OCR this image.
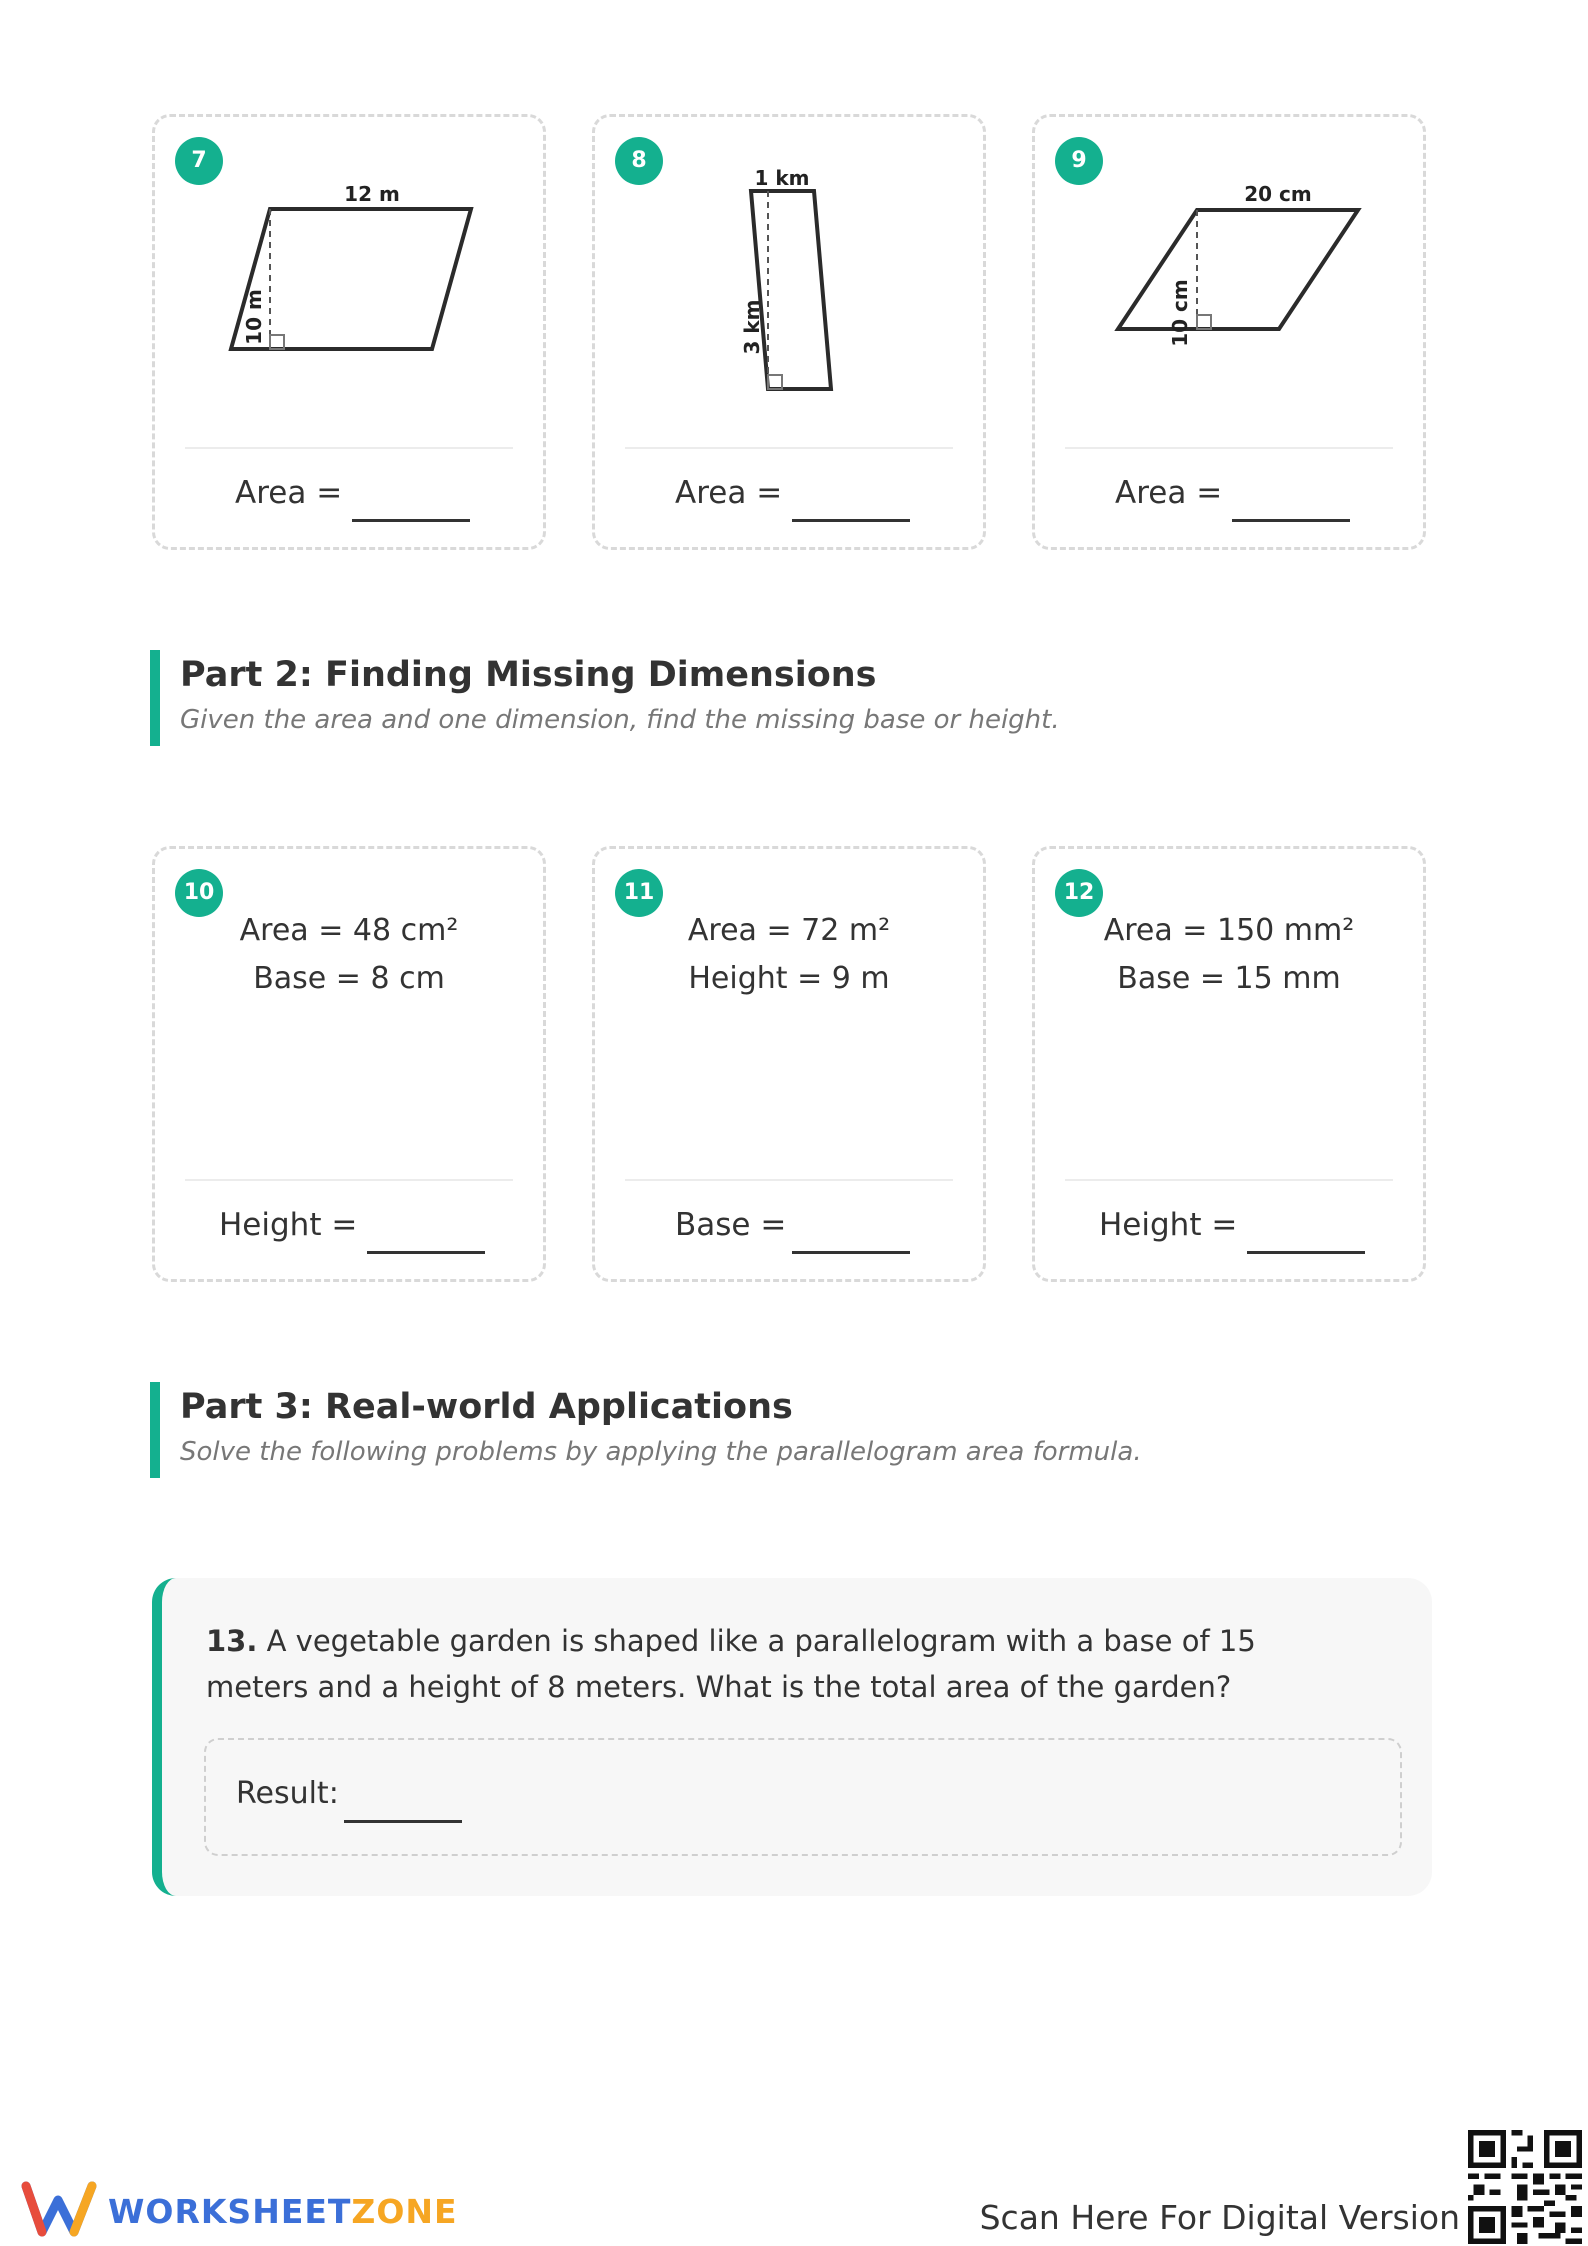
7
12 m
10 m
Area =
8
1 km
3 km
Area =
9
20 cm
10 cm
Area =
Part 2: Finding Missing Dimensions

Given the area and one dimension, find the missing base or height.

10
Area = 48 cm²
Base = 8 cm
Height =
11
Area = 72 m²
Height = 9 m
Base =
12
Area = 150 mm²
Base = 15 mm
Height =
Part 3: Real-world Applications

Solve the following problems by applying the parallelogram area formula.

13. A vegetable garden is shaped like a parallelogram with a base of 15 meters and a height of 8 meters. What is the total area of the garden?
Result:
WORKSHEETZONE	Scan Here For Digital Version
